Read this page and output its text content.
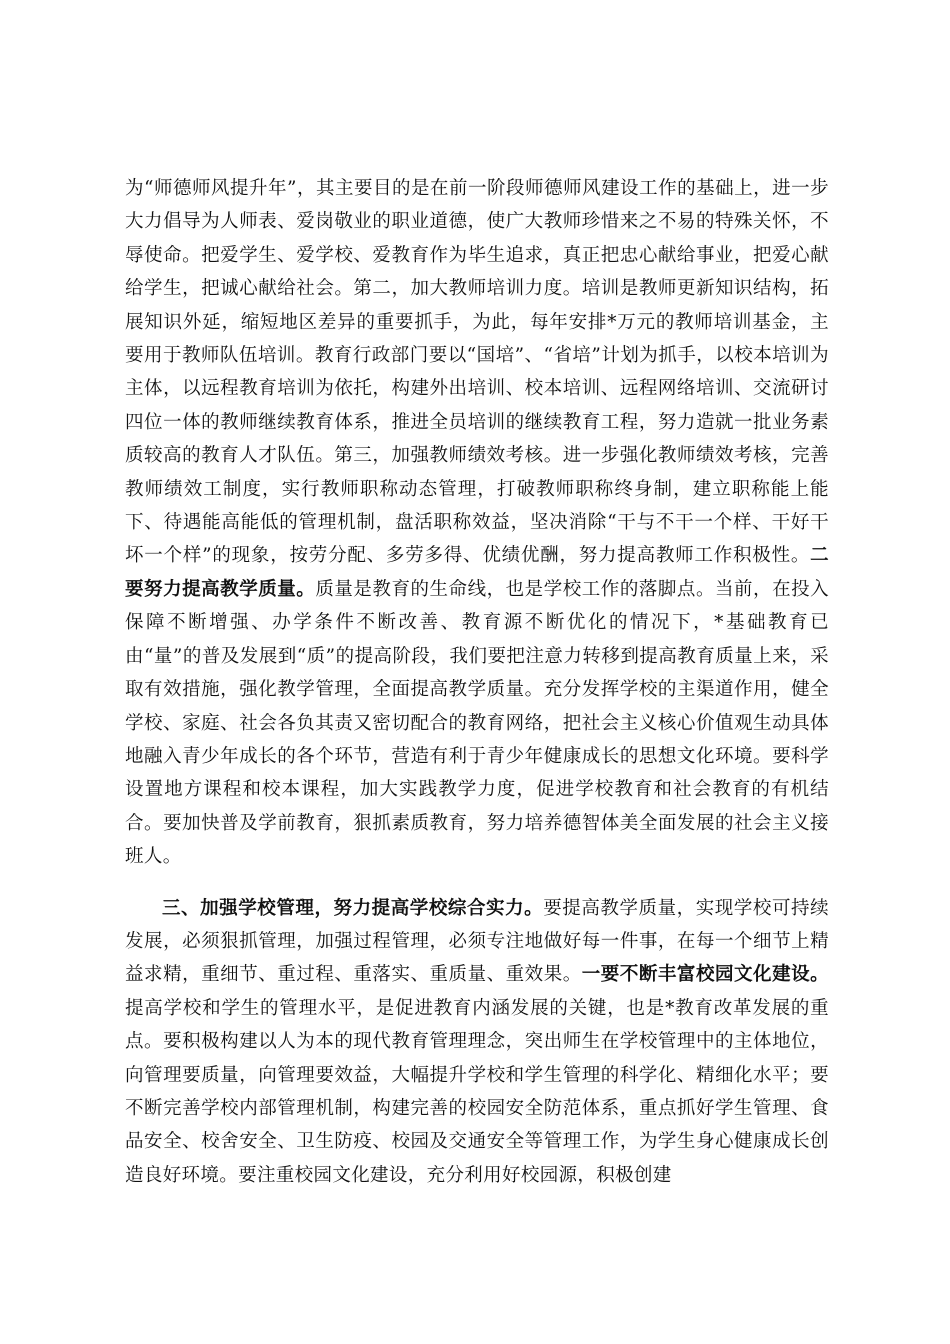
为“师德师风提升年”，其主要目的是在前一阶段师德师风建设工作的基础上，进一步大力倡导为人师表、爱岗敬业的职业道德，使广大教师珍惜来之不易的特殊关怀，不辱使命。把爱学生、爱学校、爱教育作为毕生追求，真正把忠心献给事业，把爱心献给学生，把诚心献给社会。第二，加大教师培训力度。培训是教师更新知识结构，拓展知识外延，缩短地区差异的重要抓手，为此，每年安排*万元的教师培训基金，主要用于教师队伍培训。教育行政部门要以“国培”、“省培”计划为抓手，以校本培训为主体，以远程教育培训为依托，构建外出培训、校本培训、远程网络培训、交流研讨四位一体的教师继续教育体系，推进全员培训的继续教育工程，努力造就一批业务素质较高的教育人才队伍。第三，加强教师绩效考核。进一步强化教师绩效考核，完善教师绩效工制度，实行教师职称动态管理，打破教师职称终身制，建立职称能上能下、待遇能高能低的管理机制，盘活职称效益，坚决消除“干与不干一个样、干好干坏一个样”的现象，按劳分配、多劳多得、优绩优酬，努力提高教师工作积极性。二要努力提高教学质量。质量是教育的生命线，也是学校工作的落脚点。当前，在投入保障不断增强、办学条件不断改善、教育源不断优化的情况下，*基础教育已由“量”的普及发展到“质”的提高阶段，我们要把注意力转移到提高教育质量上来，采取有效措施，强化教学管理，全面提高教学质量。充分发挥学校的主渠道作用，健全学校、家庭、社会各负其责又密切配合的教育网络，把社会主义核心价值观生动具体地融入青少年成长的各个环节，营造有利于青少年健康成长的思想文化环境。要科学设置地方课程和校本课程，加大实践教学力度，促进学校教育和社会教育的有机结合。要加快普及学前教育，狠抓素质教育，努力培养德智体美全面发展的社会主义接班人。

三、加强学校管理，努力提高学校综合实力。要提高教学质量，实现学校可持续发展，必须狠抓管理，加强过程管理，必须专注地做好每一件事，在每一个细节上精益求精，重细节、重过程、重落实、重质量、重效果。一要不断丰富校园文化建设。提高学校和学生的管理水平，是促进教育内涵发展的关键，也是*教育改革发展的重点。要积极构建以人为本的现代教育管理理念，突出师生在学校管理中的主体地位，向管理要质量，向管理要效益，大幅提升学校和学生管理的科学化、精细化水平；要不断完善学校内部管理机制，构建完善的校园安全防范体系，重点抓好学生管理、食品安全、校舍安全、卫生防疫、校园及交通安全等管理工作，为学生身心健康成长创造良好环境。要注重校园文化建设，充分利用好校园源，积极创建
